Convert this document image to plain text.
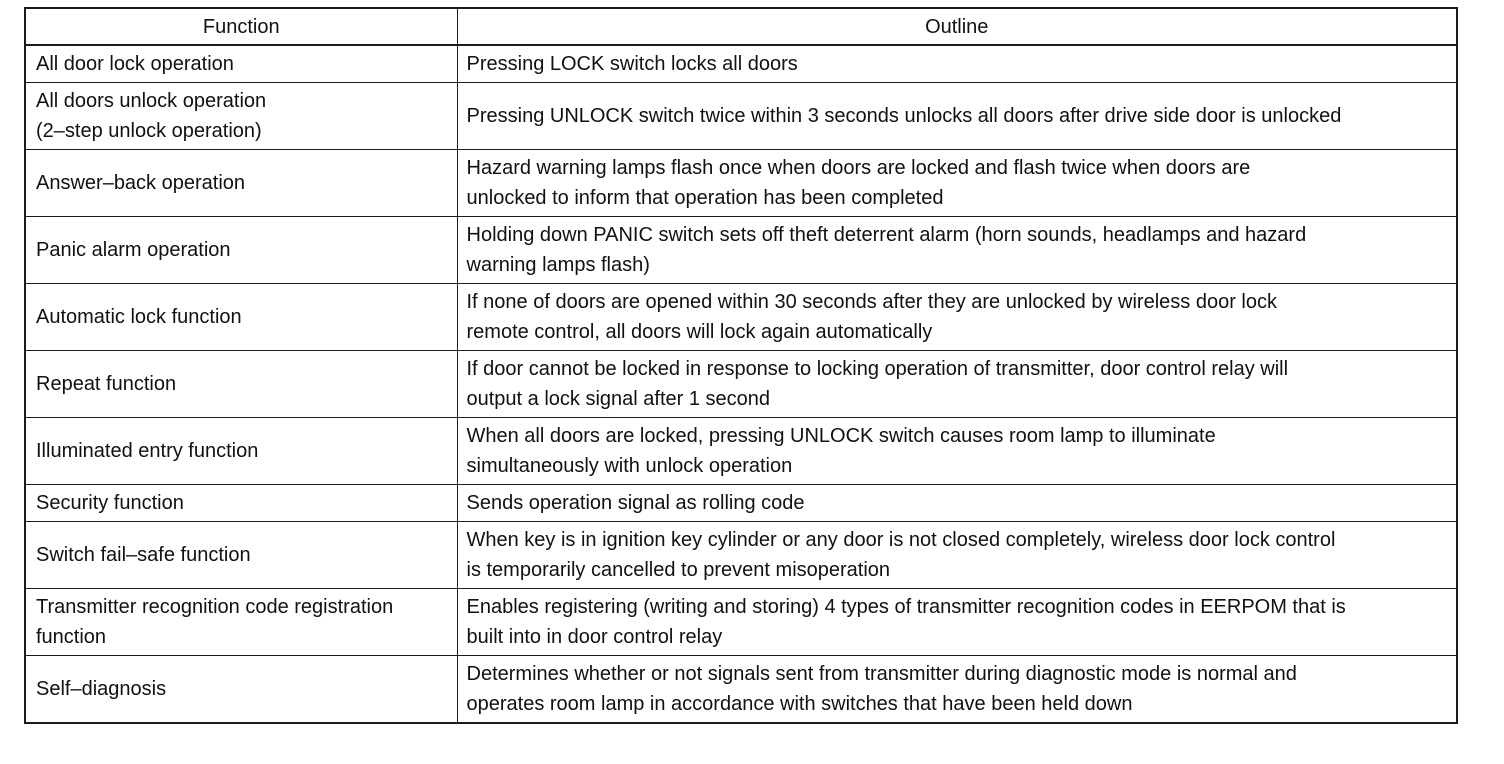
Function	Outline
All door lock operation	Pressing LOCK switch locks all doors
All doors unlock operation
(2–step unlock operation)	Pressing UNLOCK switch twice within 3 seconds unlocks all doors after drive side door is unlocked
Answer–back operation	Hazard warning lamps flash once when doors are locked and flash twice when doors are
unlocked to inform that operation has been completed
Panic alarm operation	Holding down PANIC switch sets off theft deterrent alarm (horn sounds, headlamps and hazard
warning lamps flash)
Automatic lock function	If none of doors are opened within 30 seconds after they are unlocked by wireless door lock
remote control, all doors will lock again automatically
Repeat function	If door cannot be locked in response to locking operation of transmitter, door control relay will
output a lock signal after 1 second
Illuminated entry function	When all doors are locked, pressing UNLOCK switch causes room lamp to illuminate
simultaneously with unlock operation
Security function	Sends operation signal as rolling code
Switch fail–safe function	When key is in ignition key cylinder or any door is not closed completely, wireless door lock control
is temporarily cancelled to prevent misoperation
Transmitter recognition code registration
function	Enables registering (writing and storing) 4 types of transmitter recognition codes in EERPOM that is
built into in door control relay
Self–diagnosis	Determines whether or not signals sent from transmitter during diagnostic mode is normal and
operates room lamp in accordance with switches that have been held down
